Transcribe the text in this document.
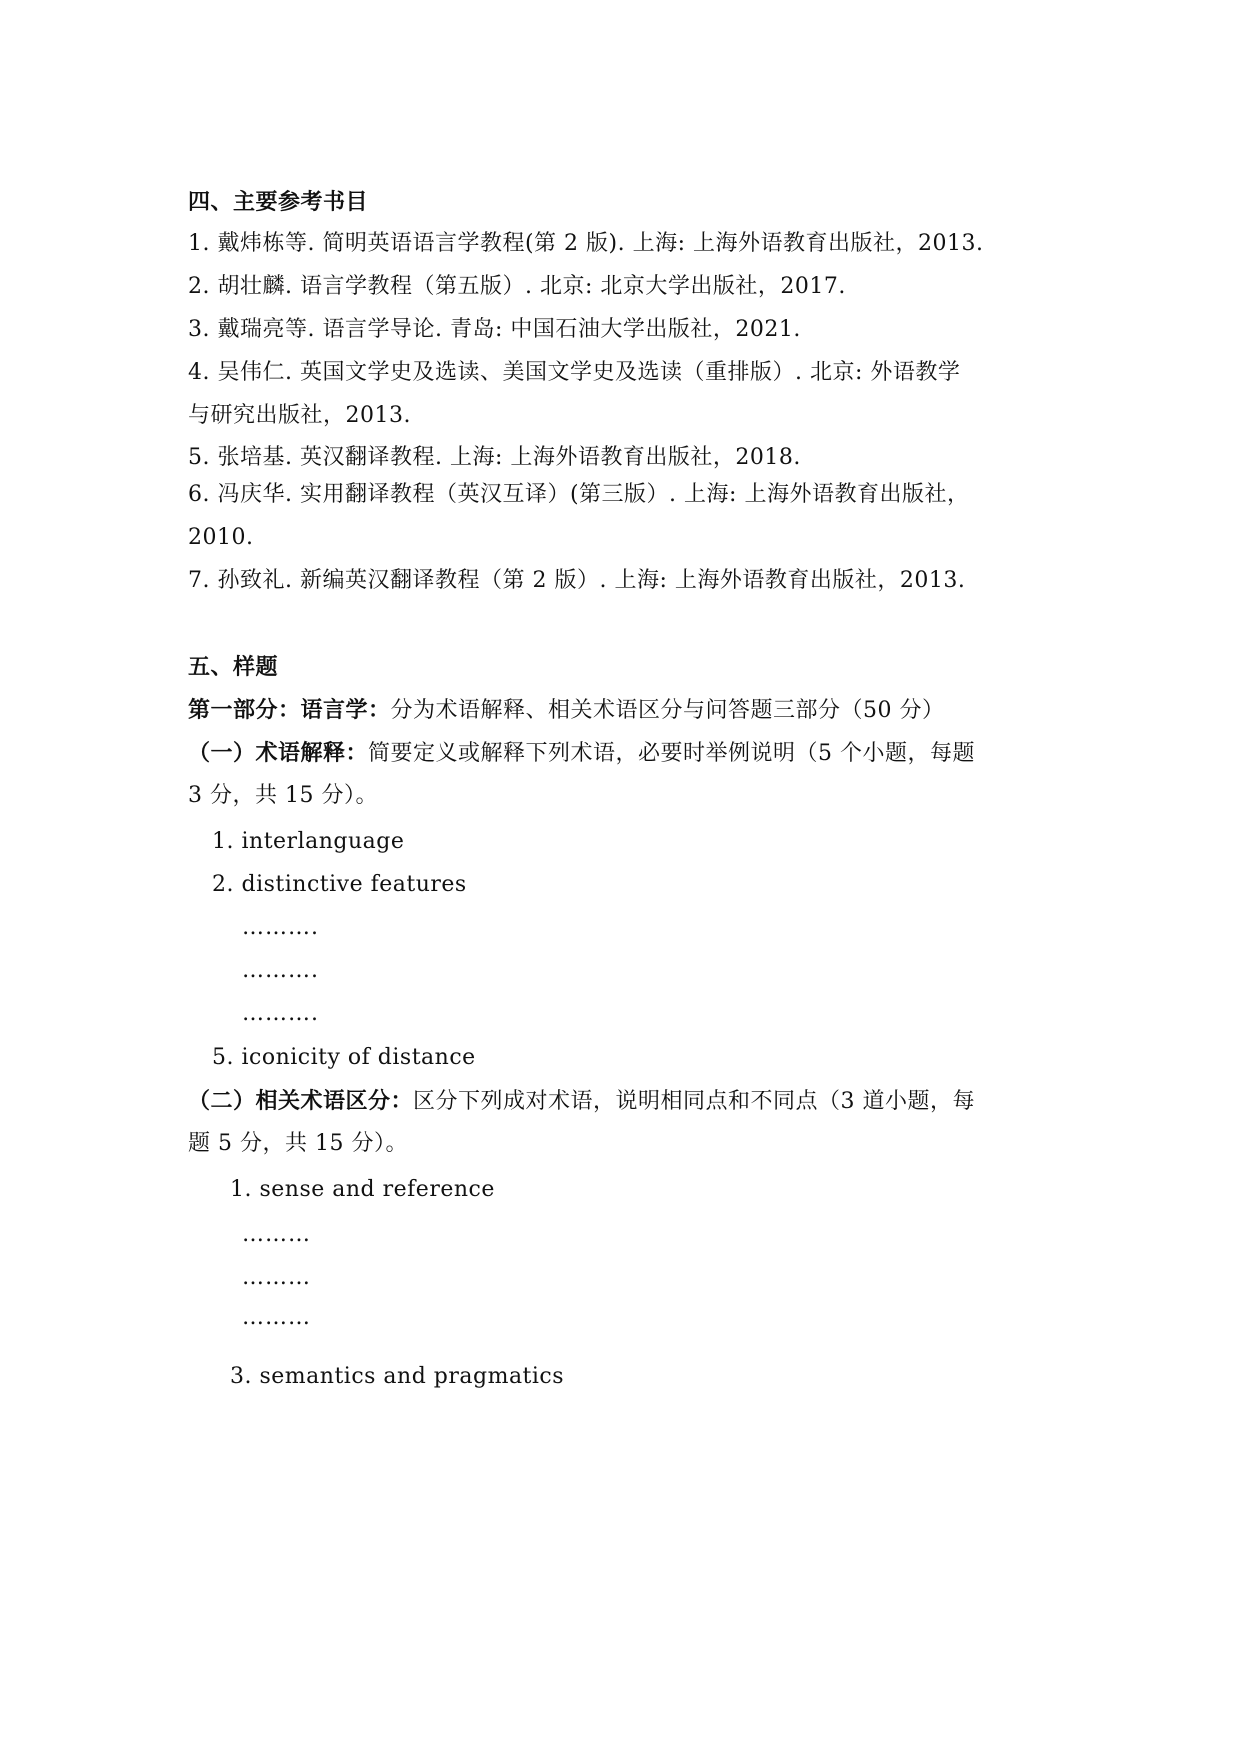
四、主要参考书目
1. 戴炜栋等. 简明英语语言学教程(第 2 版). 上海: 上海外语教育出版社，2013.
2. 胡壮麟. 语言学教程（第五版）. 北京: 北京大学出版社，2017.
3. 戴瑞亮等. 语言学导论. 青岛: 中国石油大学出版社，2021.
4. 吴伟仁. 英国文学史及选读、美国文学史及选读（重排版）. 北京: 外语教学
与研究出版社，2013.
5. 张培基. 英汉翻译教程. 上海: 上海外语教育出版社，2018.
6. 冯庆华. 实用翻译教程（英汉互译）(第三版）. 上海: 上海外语教育出版社，
2010.
7. 孙致礼. 新编英汉翻译教程（第 2 版）. 上海: 上海外语教育出版社，2013.
五、样题
第一部分：语言学：分为术语解释、相关术语区分与问答题三部分（50 分）
（一）术语解释：简要定义或解释下列术语，必要时举例说明（5 个小题，每题
3 分，共 15 分）。
1. interlanguage
2. distinctive features
……….
……….
……….
5. iconicity of distance
（二）相关术语区分：区分下列成对术语，说明相同点和不同点（3 道小题，每
题 5 分，共 15 分）。
1. sense and reference
………
………
………
3. semantics and pragmatics
